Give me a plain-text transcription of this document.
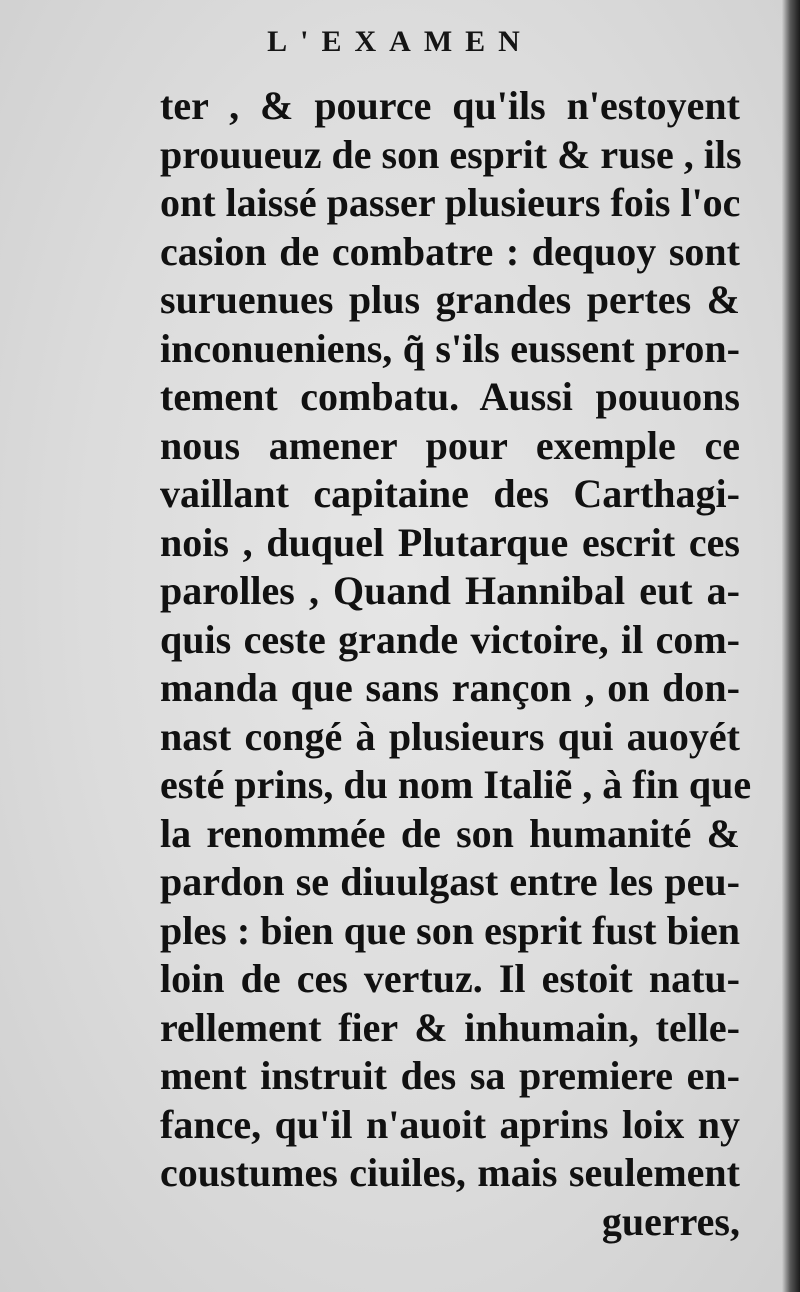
L'EXAMEN
ter , & pource qu'ils n'estoyent
prouueuz de son esprit & ruse , ils
ont laissé passer plusieurs fois l'oc
casion de combatre : dequoy sont
suruenues plus grandes pertes &
inconueniens, q̃ s'ils eussent pron-
tement combatu. Aussi pouuons
nous amener pour exemple ce
vaillant capitaine des Carthagi-
nois , duquel Plutarque escrit ces
parolles , Quand Hannibal eut a-
quis ceste grande victoire, il com-
manda que sans rançon , on don-
nast congé à plusieurs qui auoyét
esté prins, du nom Italiẽ , à fin que
la renommée de son humanité &
pardon se diuulgast entre les peu-
ples : bien que son esprit fust bien
loin de ces vertuz. Il estoit natu-
rellement fier & inhumain, telle-
ment instruit des sa premiere en-
fance, qu'il n'auoit aprins loix ny
coustumes ciuiles, mais seulement
guerres,
